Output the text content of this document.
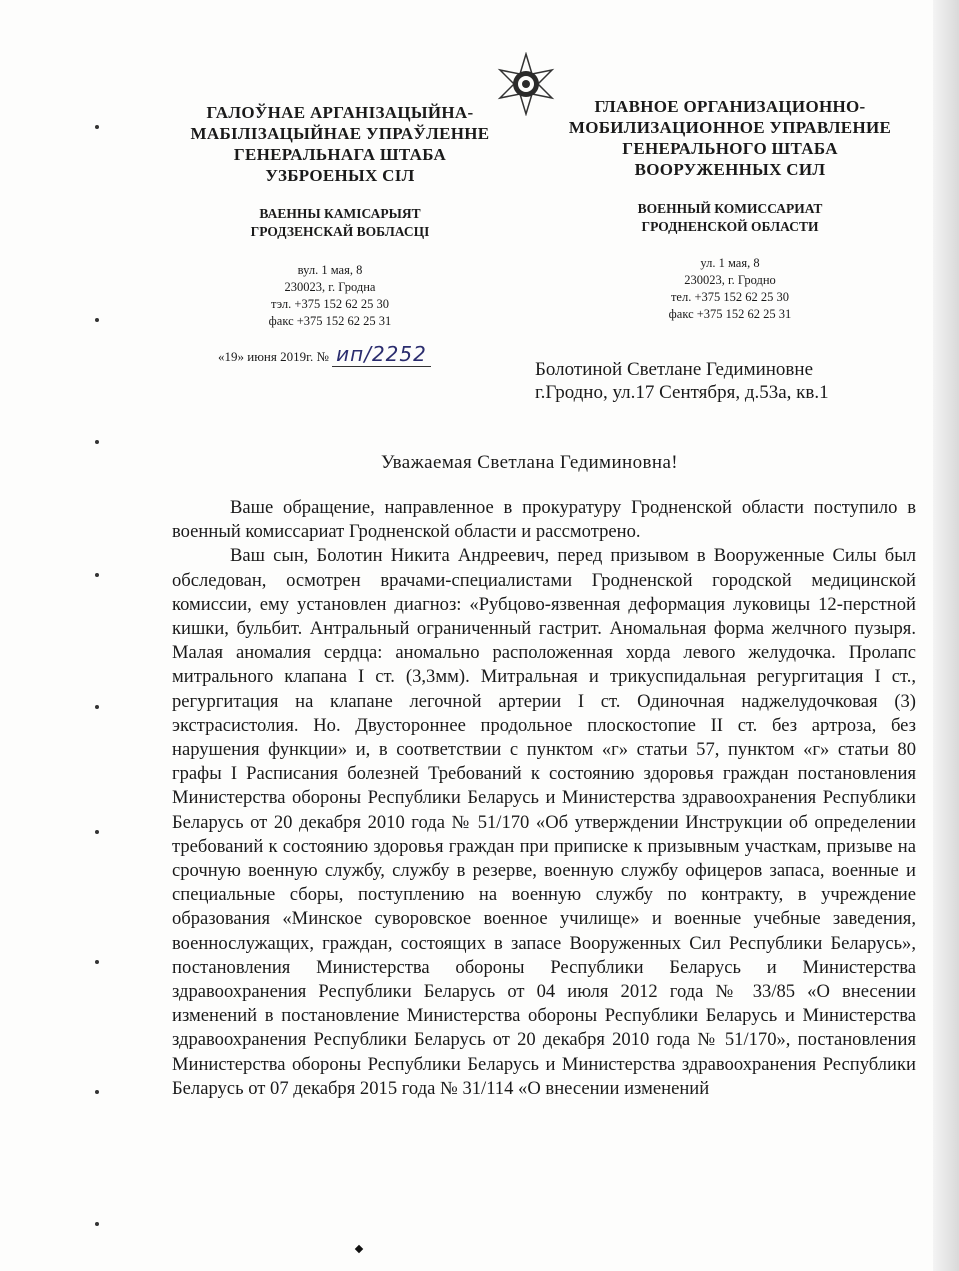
ГАЛОЎНАЕ АРГАНІЗАЦЫЙНА-
МАБІЛІЗАЦЫЙНАЕ УПРАЎЛЕННЕ
ГЕНЕРАЛЬНАГА ШТАБА
УЗБРОЕНЫХ СІЛ
ГЛАВНОЕ ОРГАНИЗАЦИОННО-
МОБИЛИЗАЦИОННОЕ УПРАВЛЕНИЕ
ГЕНЕРАЛЬНОГО ШТАБА
ВООРУЖЕННЫХ СИЛ
ВАЕННЫ КАМІСАРЫЯТ
ГРОДЗЕНСКАЙ ВОБЛАСЦІ
ВОЕННЫЙ КОМИССАРИАТ
ГРОДНЕНСКОЙ ОБЛАСТИ
вул. 1 мая, 8
230023, г. Гродна
тэл. +375 152 62 25 30
факс +375 152 62 25 31
ул. 1 мая, 8
230023, г. Гродно
тел. +375 152 62 25 30
факс +375 152 62 25 31
«19» июня 2019г. № ип/2252
Болотиной Светлане Гедиминовне
г.Гродно, ул.17 Сентября, д.53а, кв.1
Уважаемая Светлана Гедиминовна!

Ваше обращение, направленное в прокуратуру Гродненской области поступило в военный комиссариат Гродненской области и рассмотрено.

Ваш сын, Болотин Никита Андреевич, перед призывом в Вооруженные Силы был обследован, осмотрен врачами-специалистами Гродненской городской медицинской комиссии, ему установлен диагноз: «Рубцово-язвенная деформация луковицы 12-перстной кишки, бульбит. Антральный ограниченный гастрит. Аномальная форма желчного пузыря. Малая аномалия сердца: аномально расположенная хорда левого желудочка. Пролапс митрального клапана I ст. (3,3мм). Митральная и трикуспидальная регургитация I ст., регургитация на клапане легочной артерии I ст. Одиночная наджелудочковая (3) экстрасистолия. Но. Двустороннее продольное плоскостопие II ст. без артроза, без нарушения функции» и, в соответствии с пунктом «г» статьи 57, пунктом «г» статьи 80 графы I Расписания болезней Требований к состоянию здоровья граждан постановления Министерства обороны Республики Беларусь и Министерства здравоохранения Республики Беларусь от 20 декабря 2010 года № 51/170 «Об утверждении Инструкции об определении требований к состоянию здоровья граждан при приписке к призывным участкам, призыве на срочную военную службу, службу в резерве, военную службу офицеров запаса, военные и специальные сборы, поступлению на военную службу по контракту, в учреждение образования «Минское суворовское военное училище» и военные учебные заведения, военнослужащих, граждан, состоящих в запасе Вооруженных Сил Республики Беларусь», постановления Министерства обороны Республики Беларусь и Министерства здравоохранения Республики Беларусь от 04 июля 2012 года № 33/85 «О внесении изменений в постановление Министерства обороны Республики Беларусь и Министерства здравоохранения Республики Беларусь от 20 декабря 2010 года № 51/170», постановления Министерства обороны Республики Беларусь и Министерства здравоохранения Республики Беларусь от 07 декабря 2015 года № 31/114 «О внесении изменений
